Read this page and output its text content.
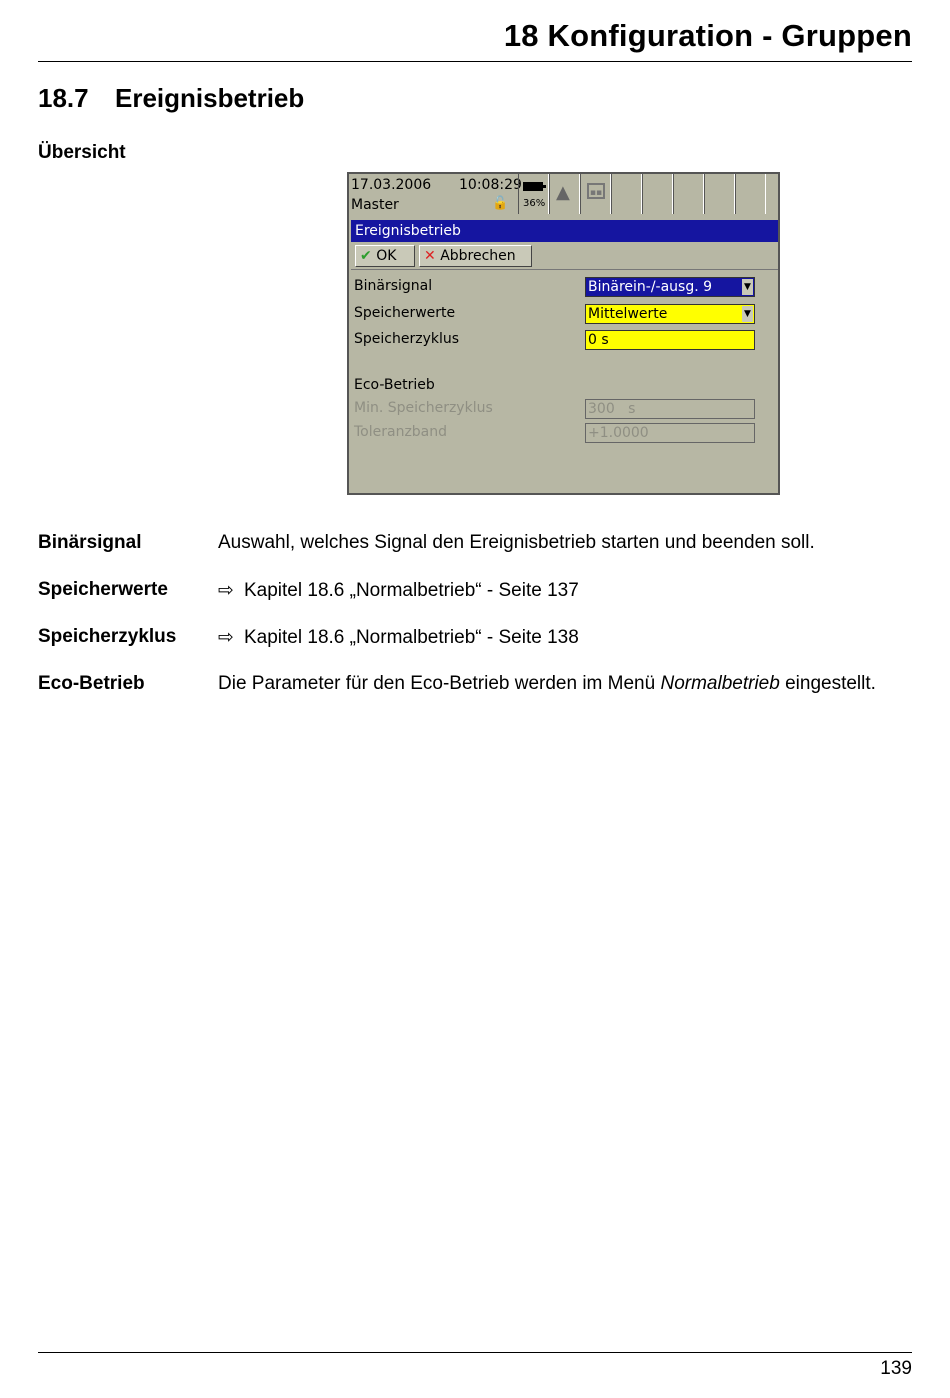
18 Konfiguration - Gruppen
18.7 Ereignisbetrieb
Übersicht
17.03.2006 10:08:29
Master	🔓 36%
▲	▪▪
Ereignisbetrieb
✔ OK	✕ Abbrechen
Binärsignal	Binärein-/-ausg. 9	▼
Speicherwerte	Mittelwerte	▼
Speicherzyklus	0 s
Eco-Betrieb
Min. Speicherzyklus	300   s
Toleranzband	+1.0000
Binärsignal	Auswahl, welches Signal den Ereignisbetrieb starten und beenden soll.
Speicherwerte	⇨ Kapitel 18.6 „Normalbetrieb“ - Seite 137
Speicherzyklus ⇨ Kapitel 18.6 „Normalbetrieb“ - Seite 138
Eco-Betrieb	Die Parameter für den Eco-Betrieb werden im Menü Normalbetrieb eingestellt.
139
